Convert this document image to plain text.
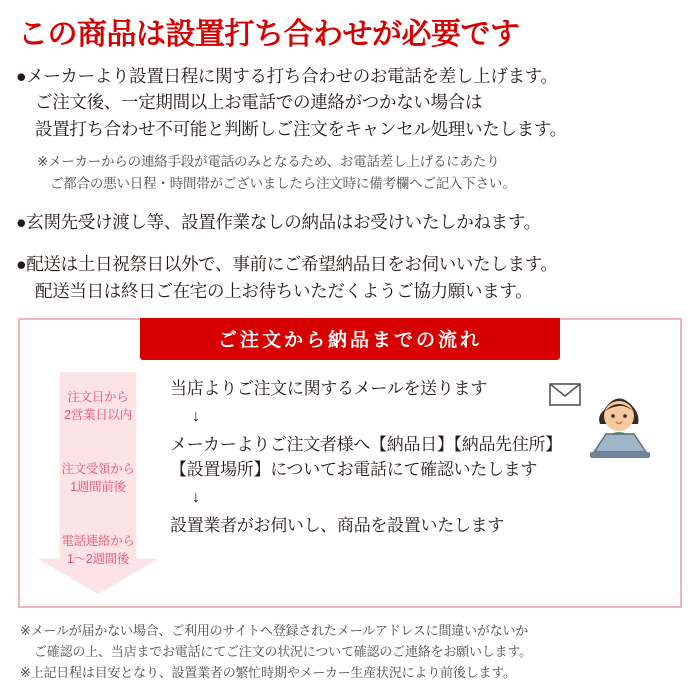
この商品は設置打ち合わせが必要です
●メーカーより設置日程に関する打ち合わせのお電話を差し上げます。
ご注文後、一定期間以上お電話での連絡がつかない場合は
設置打ち合わせ不可能と判断しご注文をキャンセル処理いたします。
※メーカーからの連絡手段が電話のみとなるため、お電話差し上げるにあたり
ご都合の悪い日程・時間帯がございましたら注文時に備考欄へご記入下さい。
●玄関先受け渡し等、設置作業なしの納品はお受けいたしかねます。
●配送は土日祝祭日以外で、事前にご希望納品日をお伺いいたします。
配送当日は終日ご在宅の上お待ちいただくようご協力願います。
ご注文から納品までの流れ
注文日から
2営業日以内
注文受領から
1週間前後
電話連絡から
1～2週間後
当店よりご注文に関するメールを送ります
↓
メーカーよりご注文者様へ【納品日】【納品先住所】
【設置場所】についてお電話にて確認いたします
↓
設置業者がお伺いし、商品を設置いたします
※メールが届かない場合、ご利用のサイトへ登録されたメールアドレスに間違いがないか
ご確認の上、当店までお電話にてご注文の状況について確認のご連絡をお願いします。
※上記日程は目安となり、設置業者の繁忙時期やメーカー生産状況により前後します。
